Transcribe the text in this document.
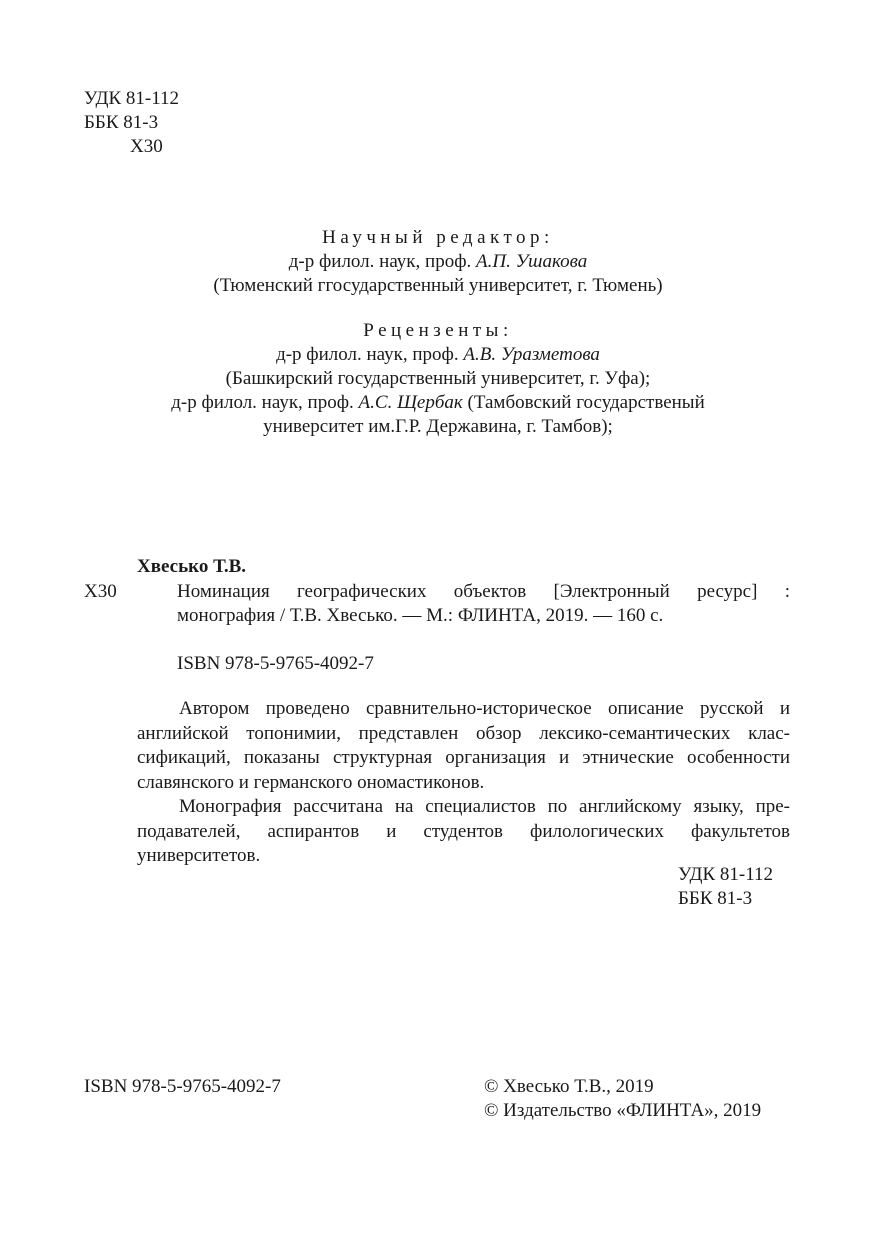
УДК 81-112
ББК 81-3
Х30
Научный редактор:
д-р филол. наук, проф. А.П. Ушакова
(Тюменский ггосударственный университет, г. Тюмень)
Рецензенты:
д-р филол. наук, проф. А.В. Уразметова
(Башкирский государственный университет, г. Уфа);
д-р филол. наук, проф. А.С. Щербак (Тамбовский государственый
университет им.Г.Р. Державина, г. Тамбов);
Хвесько Т.В.
Х30	Номинация географических объектов [Электронный ресурс] :
монография / Т.В. Хвесько. — М.: ФЛИНТА, 2019. — 160 с.
ISBN 978-5-9765-4092-7

Автором проведено сравнительно-историческое описание русской и английской топонимии, представлен обзор лексико-семантических классификаций, показаны структурная организация и этнические особенности славянского и германского ономастиконов.

Монография рассчитана на специалистов по английскому языку, преподавателей, аспирантов и студентов филологических факультетов университетов.

УДК 81-112
ББК 81-3
ISBN 978-5-9765-4092-7	© Хвесько Т.В., 2019
© Издательство «ФЛИНТА», 2019
